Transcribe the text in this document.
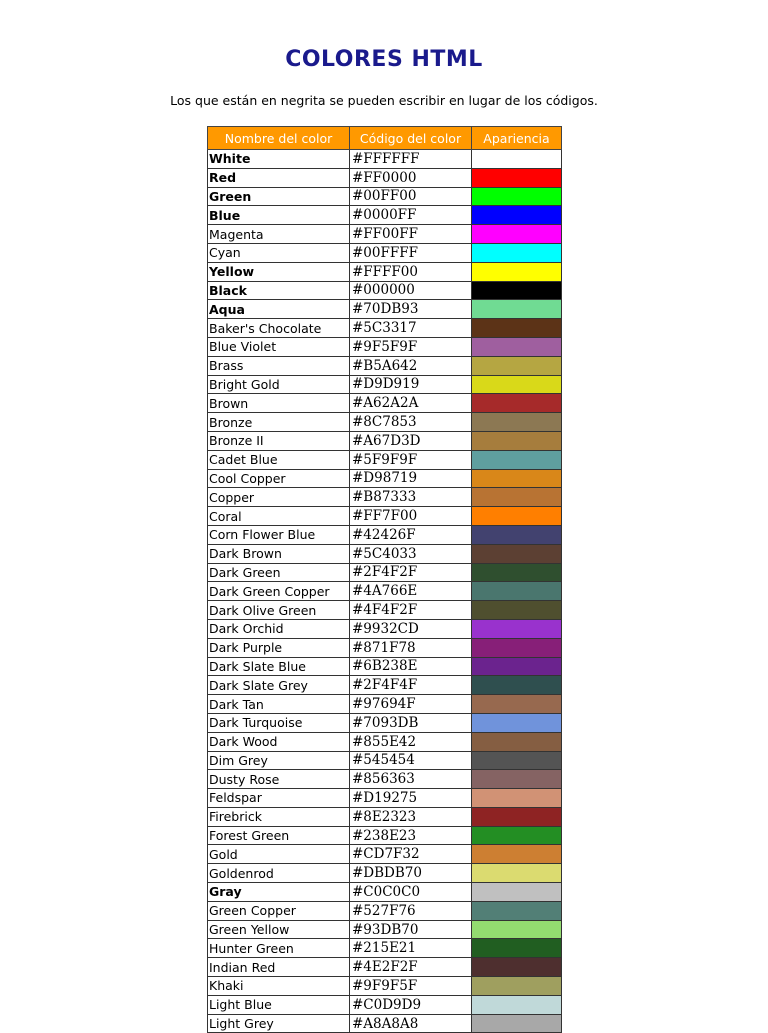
COLORES HTML
Los que están en negrita se pueden escribir en lugar de los códigos.
Nombre del color	Código del color	Apariencia
White	#FFFFFF	
Red	#FF0000	
Green	#00FF00	
Blue	#0000FF	
Magenta	#FF00FF	
Cyan	#00FFFF	
Yellow	#FFFF00	
Black	#000000	
Aqua	#70DB93	
Baker's Chocolate	#5C3317	
Blue Violet	#9F5F9F	
Brass	#B5A642	
Bright Gold	#D9D919	
Brown	#A62A2A	
Bronze	#8C7853	
Bronze II	#A67D3D	
Cadet Blue	#5F9F9F	
Cool Copper	#D98719	
Copper	#B87333	
Coral	#FF7F00	
Corn Flower Blue	#42426F	
Dark Brown	#5C4033	
Dark Green	#2F4F2F	
Dark Green Copper	#4A766E	
Dark Olive Green	#4F4F2F	
Dark Orchid	#9932CD	
Dark Purple	#871F78	
Dark Slate Blue	#6B238E	
Dark Slate Grey	#2F4F4F	
Dark Tan	#97694F	
Dark Turquoise	#7093DB	
Dark Wood	#855E42	
Dim Grey	#545454	
Dusty Rose	#856363	
Feldspar	#D19275	
Firebrick	#8E2323	
Forest Green	#238E23	
Gold	#CD7F32	
Goldenrod	#DBDB70	
Gray	#C0C0C0	
Green Copper	#527F76	
Green Yellow	#93DB70	
Hunter Green	#215E21	
Indian Red	#4E2F2F	
Khaki	#9F9F5F	
Light Blue	#C0D9D9	
Light Grey	#A8A8A8	
